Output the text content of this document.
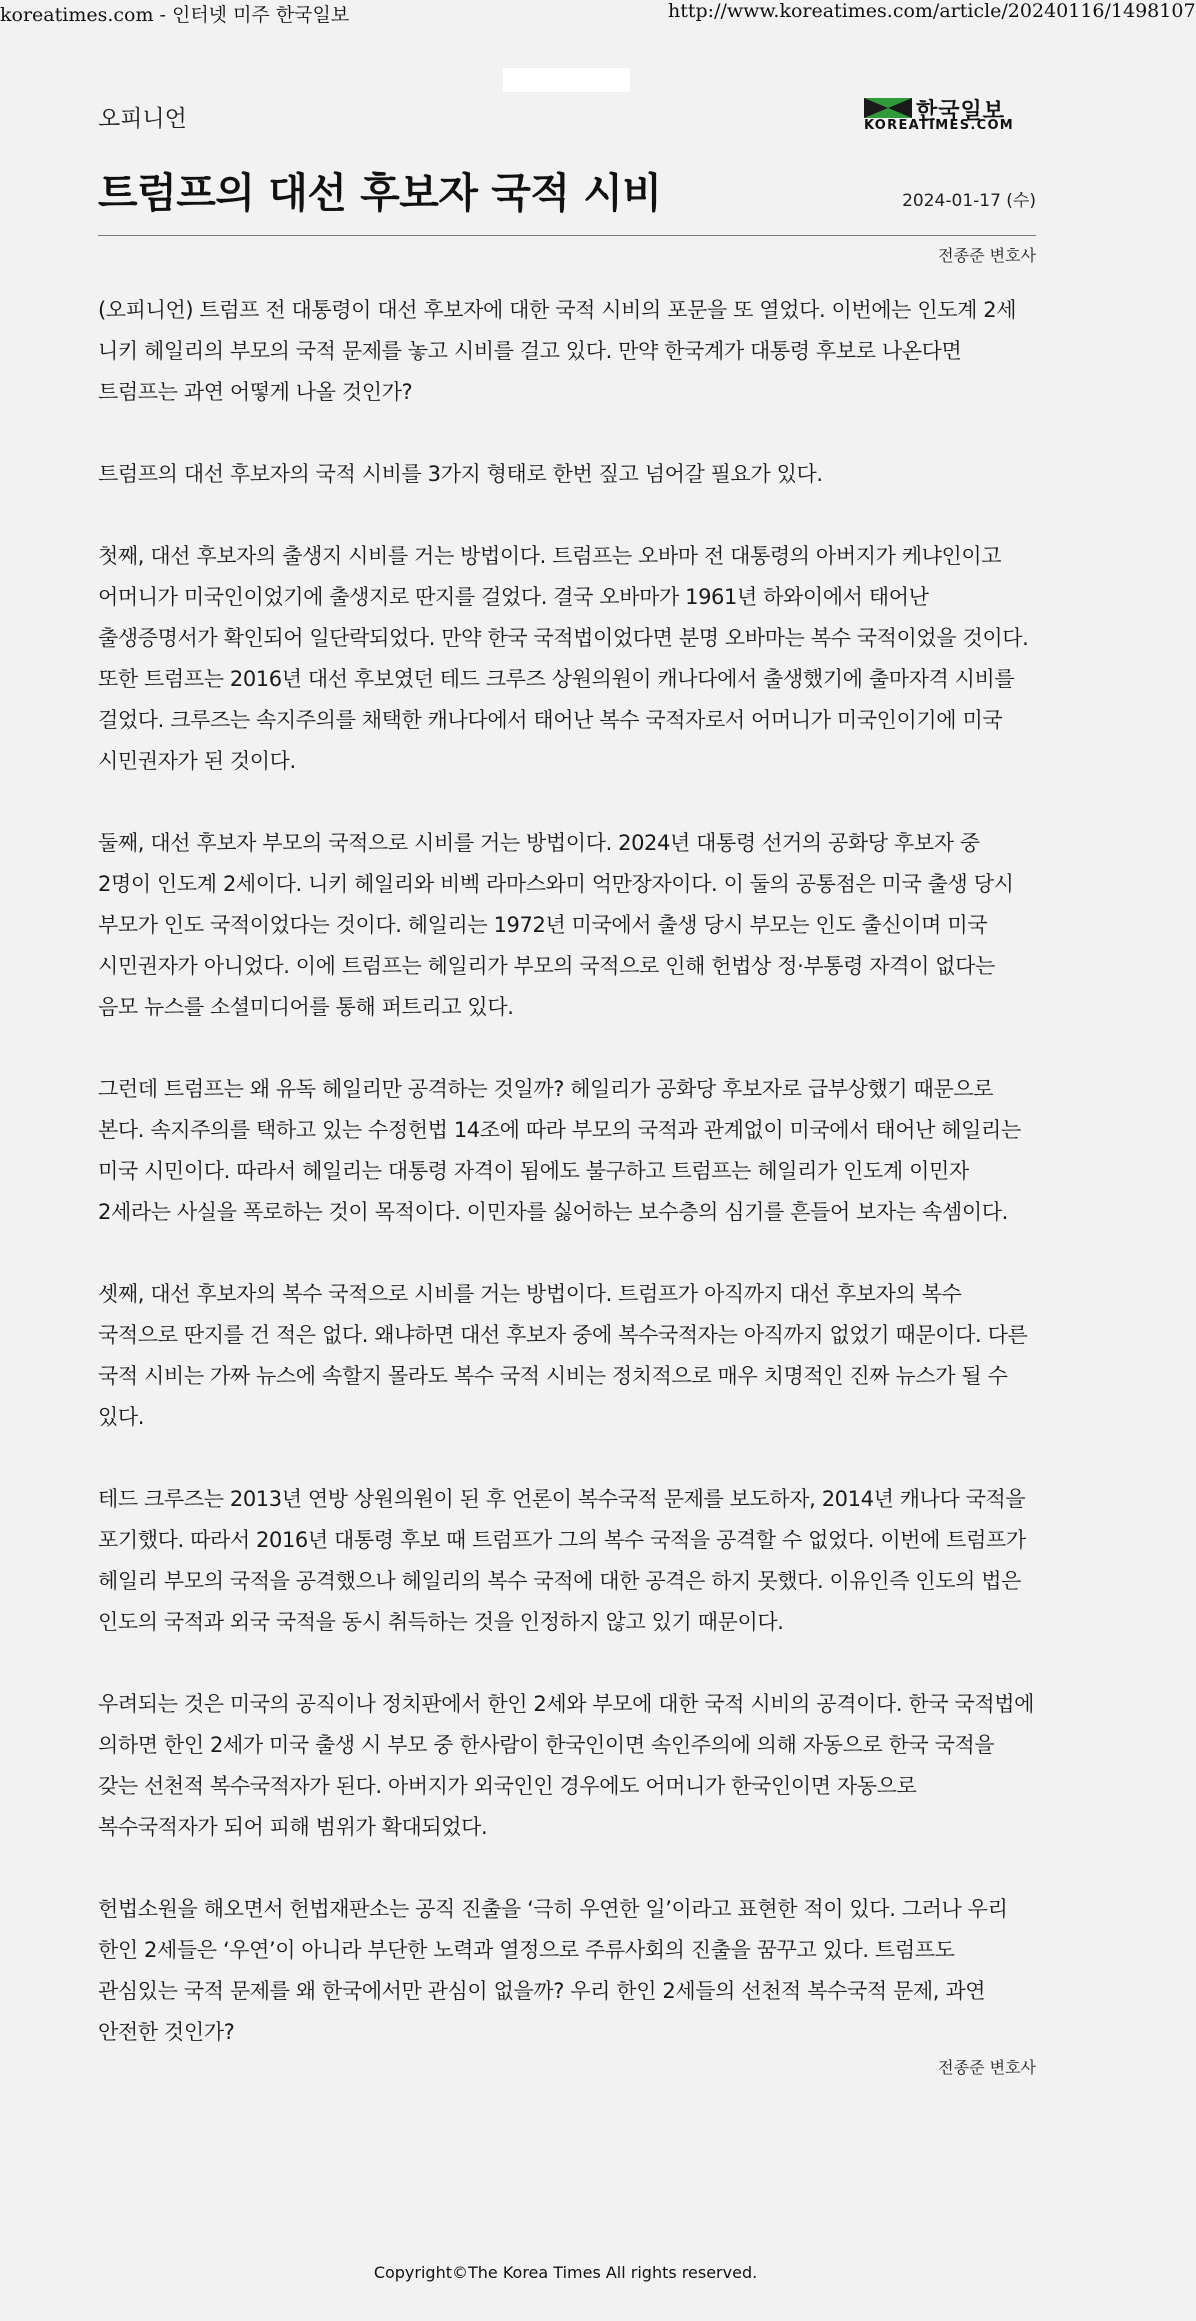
koreatimes.com - 인터넷 미주 한국일보	http://www.koreatimes.com/article/20240116/1498107
오피니언	한국일보
KOREATIMES.COM
트럼프의 대선 후보자 국적 시비	2024-01-17 (수)
전종준 변호사

(오피니언) 트럼프 전 대통령이 대선 후보자에 대한 국적 시비의 포문을 또 열었다. 이번에는 인도계 2세 니키 헤일리의 부모의 국적 문제를 놓고 시비를 걸고 있다. 만약 한국계가 대통령 후보로 나온다면 트럼프는 과연 어떻게 나올 것인가?

트럼프의 대선 후보자의 국적 시비를 3가지 형태로 한번 짚고 넘어갈 필요가 있다.

첫째, 대선 후보자의 출생지 시비를 거는 방법이다. 트럼프는 오바마 전 대통령의 아버지가 케냐인이고 어머니가 미국인이었기에 출생지로 딴지를 걸었다. 결국 오바마가 1961년 하와이에서 태어난 출생증명서가 확인되어 일단락되었다. 만약 한국 국적법이었다면 분명 오바마는 복수 국적이었을 것이다. 또한 트럼프는 2016년 대선 후보였던 테드 크루즈 상원의원이 캐나다에서 출생했기에 출마자격 시비를 걸었다. 크루즈는 속지주의를 채택한 캐나다에서 태어난 복수 국적자로서 어머니가 미국인이기에 미국 시민권자가 된 것이다.

둘째, 대선 후보자 부모의 국적으로 시비를 거는 방법이다. 2024년 대통령 선거의 공화당 후보자 중 2명이 인도계 2세이다. 니키 헤일리와 비벡 라마스와미 억만장자이다. 이 둘의 공통점은 미국 출생 당시 부모가 인도 국적이었다는 것이다. 헤일리는 1972년 미국에서 출생 당시 부모는 인도 출신이며 미국 시민권자가 아니었다. 이에 트럼프는 헤일리가 부모의 국적으로 인해 헌법상 정·부통령 자격이 없다는 음모 뉴스를 소셜미디어를 통해 퍼트리고 있다.

그런데 트럼프는 왜 유독 헤일리만 공격하는 것일까? 헤일리가 공화당 후보자로 급부상했기 때문으로 본다. 속지주의를 택하고 있는 수정헌법 14조에 따라 부모의 국적과 관계없이 미국에서 태어난 헤일리는 미국 시민이다. 따라서 헤일리는 대통령 자격이 됨에도 불구하고 트럼프는 헤일리가 인도계 이민자 2세라는 사실을 폭로하는 것이 목적이다. 이민자를 싫어하는 보수층의 심기를 흔들어 보자는 속셈이다.

셋째, 대선 후보자의 복수 국적으로 시비를 거는 방법이다. 트럼프가 아직까지 대선 후보자의 복수 국적으로 딴지를 건 적은 없다. 왜냐하면 대선 후보자 중에 복수국적자는 아직까지 없었기 때문이다. 다른 국적 시비는 가짜 뉴스에 속할지 몰라도 복수 국적 시비는 정치적으로 매우 치명적인 진짜 뉴스가 될 수 있다.

테드 크루즈는 2013년 연방 상원의원이 된 후 언론이 복수국적 문제를 보도하자, 2014년 캐나다 국적을 포기했다. 따라서 2016년 대통령 후보 때 트럼프가 그의 복수 국적을 공격할 수 없었다. 이번에 트럼프가 헤일리 부모의 국적을 공격했으나 헤일리의 복수 국적에 대한 공격은 하지 못했다. 이유인즉 인도의 법은 인도의 국적과 외국 국적을 동시 취득하는 것을 인정하지 않고 있기 때문이다.

우려되는 것은 미국의 공직이나 정치판에서 한인 2세와 부모에 대한 국적 시비의 공격이다. 한국 국적법에 의하면 한인 2세가 미국 출생 시 부모 중 한사람이 한국인이면 속인주의에 의해 자동으로 한국 국적을 갖는 선천적 복수국적자가 된다. 아버지가 외국인인 경우에도 어머니가 한국인이면 자동으로 복수국적자가 되어 피해 범위가 확대되었다.

헌법소원을 해오면서 헌법재판소는 공직 진출을 ‘극히 우연한 일’이라고 표현한 적이 있다. 그러나 우리 한인 2세들은 ‘우연’이 아니라 부단한 노력과 열정으로 주류사회의 진출을 꿈꾸고 있다. 트럼프도 관심있는 국적 문제를 왜 한국에서만 관심이 없을까? 우리 한인 2세들의 선천적 복수국적 문제, 과연 안전한 것인가?

전종준 변호사
Copyright©The Korea Times All rights reserved.
